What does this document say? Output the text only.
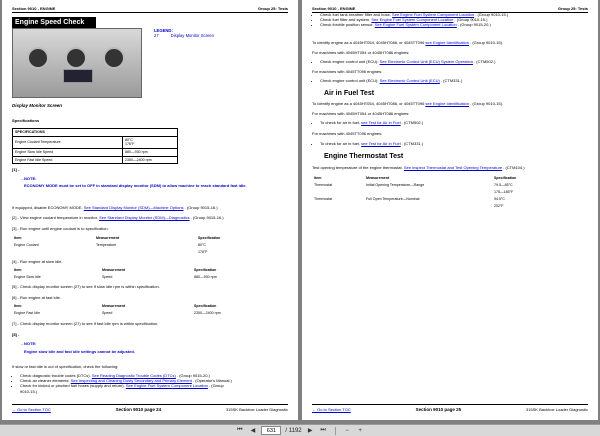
Section 9010 - ENGINE	Group 25: Tests
Engine Speed Check
LEGEND:
27	Display Monitor Screen
Display Monitor Screen
Specifications
SPECIFICATIONS	
Engine Coolant Temperature	80°C
176°F
Engine Slow Idle Speed	880—930 rpm
Engine Fast Idle Speed	2350—2400 rpm
[1] -
→NOTE:
ECONOMY MODE must be set to OFF in standard display monitor (SDM) to allow machine to reach standard fast idle.
If equipped, disable ECONOMY MODE. See Standard Display Monitor (SDM)—Machine Options . (Group 9015-16.)
[2] - View engine coolant temperature in monitor. See Standard Display Monitor (SDM)—Diagnostics . (Group 9015-16.)
[3] - Run engine until engine coolant is to specification.
Item	Measurement	Specification
Engine Coolant	Temperature	80°C
176°F
[4] - Run engine at slow idle.
Item	Measurement	Specification
Engine Slow Idle	Speed	880—930 rpm
[5] - Check display monitor screen (27) to see if slow idle rpm is within specification.
[6] - Run engine at fast idle.
Item	Measurement	Specification
Engine Fast Idle	Speed	2350—2400 rpm
[7] - Check display monitor screen (27) to see if fast idle rpm is within specification.
[8] -
→NOTE:
Engine slow idle and fast idle settings cannot be adjusted.
If slow or fast idle is out of specification, check the following:
• Check diagnostic trouble codes (DTCs). See Reading Diagnostic Trouble Codes (DTCs) . (Group 9015-20.)
• Check air cleaner elements. See Inspecting and Cleaning Dusty Secondary and Primary Element . (Operator's Manual.)
• Check for kinked or pinched fuel hoses (supply and return). See Engine Fuel System Component Location . (Group
9010-15.)
← Go to Section TOC	Section 9010 page 24	315SK Backhoe Loader Diagnostic
Section 9010 - ENGINE	Group 25: Tests
• Check fuel tank breather filter and hose. See Engine Fuel System Component Location . (Group 9010-15.)
• Check fuel filter and system. See Engine Fuel System Component Location . (Group 9010-15.)
• Check throttle position sensor. See Engine Fuel System Component Location . (Group 9015-20.)
To identify engine as a 4045HT054, 4045HT086, or 4045TT096 see Engine Identification . (Group 9010-15).
For machines with 4045HT054 or 4045HT086 engines:
• Check engine control unit (ECU): See Electronic Control Unit (ECU) System Operation . (CTM502.)
For machines with 4045TT096 engines:
• Check engine control unit (ECU): See Electronic Control Unit (ECU) . (CTM331.)
Air in Fuel Test
To identify engine as a 4045HT054, 4045HT086, or 4045TT096 see Engine Identification . (Group 9010-15).
For machines with 4045HT054 or 4045HT086 engines:
• To check for air in fuel, see Test for Air in Fuel . (CTM502.)
For machines with 4045TT096 engines:
• To check for air in fuel, see Test for Air in Fuel . (CTM331.)
Engine Thermostat Test
Test opening temperature of the engine thermostat. See Inspect Thermostat and Test Opening Temperature . (CTM104.)
Item	Measurement	Specification
Thermostat	Initial Opening Temperature—Range	79.5—85°C
175—185°F
Thermostat	Full Open Temperature—Nominal	94.5°C
202°F
← Go to Section TOC	Section 9010 page 25	315SK Backhoe Loader Diagnostic
⏮	◀
631	/ 1192	▶	⏭	−	+
